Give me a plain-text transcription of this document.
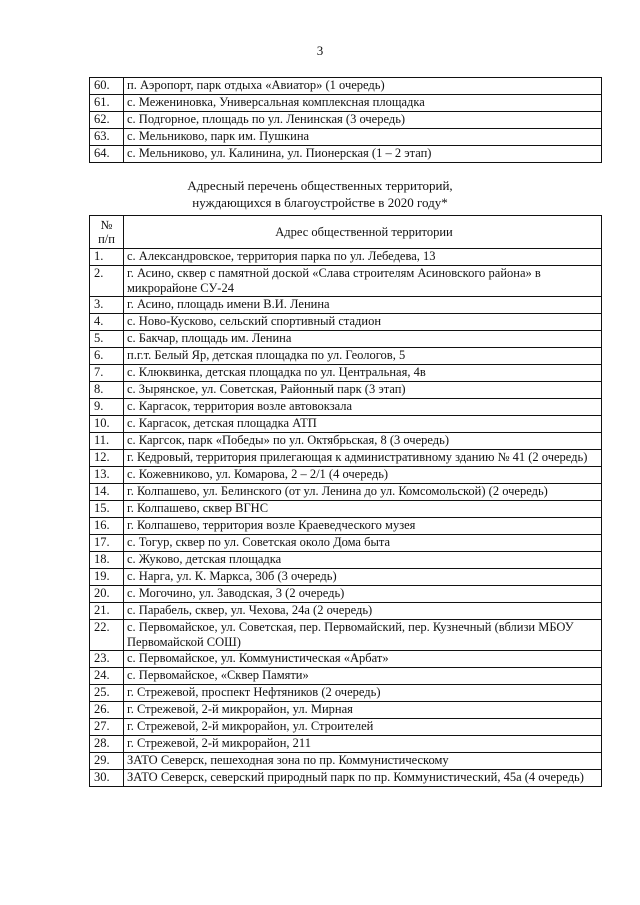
3
60.	п. Аэропорт, парк отдыха «Авиатор» (1 очередь)
61.	с. Межениновка, Универсальная комплексная площадка
62.	с. Подгорное, площадь по ул. Ленинская (3 очередь)
63.	с. Мельниково, парк им. Пушкина
64.	с. Мельниково, ул. Калинина, ул. Пионерская (1 – 2 этап)
Адресный перечень общественных территорий,
нуждающихся в благоустройстве в 2020 году*
№
п/п	Адрес общественной территории
1.	с. Александровское, территория парка по ул. Лебедева, 13
2.	г. Асино, сквер с памятной доской «Слава строителям Асиновского района» в микрорайоне СУ-24
3.	г. Асино, площадь имени В.И. Ленина
4.	с. Ново-Кусково, сельский спортивный стадион
5.	с. Бакчар, площадь им. Ленина
6.	п.г.т. Белый Яр, детская площадка по ул. Геологов, 5
7.	с. Клюквинка, детская площадка по ул. Центральная, 4в
8.	с. Зырянское, ул. Советская, Районный парк (3 этап)
9.	с. Каргасок, территория возле автовокзала
10.	с. Каргасок, детская площадка АТП
11.	с. Каргсок, парк «Победы» по ул. Октябрьская, 8 (3 очередь)
12.	г. Кедровый, территория прилегающая к административному зданию № 41 (2 очередь)
13.	с. Кожевниково, ул. Комарова, 2 – 2/1 (4 очередь)
14.	г. Колпашево, ул. Белинского (от ул. Ленина до ул. Комсомольской) (2 очередь)
15.	г. Колпашево, сквер ВГНС
16.	г. Колпашево, территория возле Краеведческого музея
17.	с. Тогур, сквер по ул. Советская около Дома быта
18.	с. Жуково, детская площадка
19.	с. Нарга, ул. К. Маркса, 30б (3 очередь)
20.	с. Могочино, ул. Заводская, 3 (2 очередь)
21.	с. Парабель, сквер, ул. Чехова, 24а (2 очередь)
22.	с. Первомайское, ул. Советская, пер. Первомайский, пер. Кузнечный (вблизи МБОУ Первомайской СОШ)
23.	с. Первомайское, ул. Коммунистическая «Арбат»
24.	с. Первомайское, «Сквер Памяти»
25.	г. Стрежевой, проспект Нефтяников (2 очередь)
26.	г. Стрежевой, 2-й микрорайон, ул. Мирная
27.	г. Стрежевой, 2-й микрорайон, ул. Строителей
28.	г. Стрежевой, 2-й микрорайон, 211
29.	ЗАТО Северск, пешеходная зона по пр. Коммунистическому
30.	ЗАТО Северск, северский природный парк по пр. Коммунистический, 45а (4 очередь)
